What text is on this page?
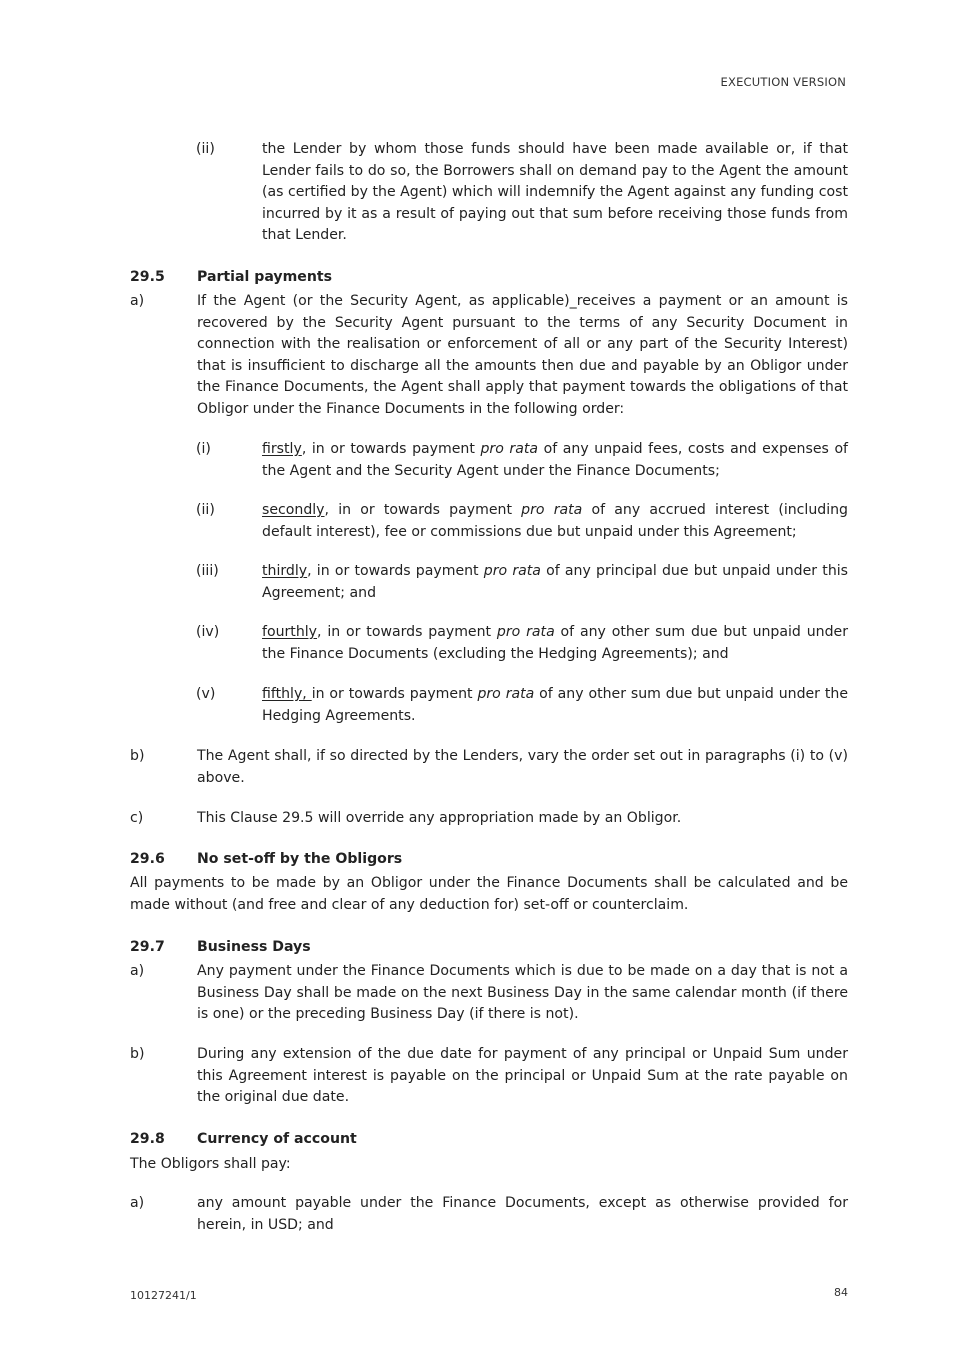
EXECUTION VERSION
(ii)	the Lender by whom those funds should have been made available or, if that Lender fails to do so, the Borrowers shall on demand pay to the Agent the amount (as certified by the Agent) which will indemnify the Agent against any funding cost incurred by it as a result of paying out that sum before receiving those funds from that Lender.
29.5	Partial payments
a)	If the Agent (or the Security Agent, as applicable)_receives a payment or an amount is recovered by the Security Agent pursuant to the terms of any Security Document in connection with the realisation or enforcement of all or any part of the Security Interest) that is insufficient to discharge all the amounts then due and payable by an Obligor under the Finance Documents, the Agent shall apply that payment towards the obligations of that Obligor under the Finance Documents in the following order:
(i)	firstly, in or towards payment pro rata of any unpaid fees, costs and expenses of the Agent and the Security Agent under the Finance Documents;
(ii)	secondly, in or towards payment pro rata of any accrued interest (including default interest), fee or commissions due but unpaid under this Agreement;
(iii)	thirdly, in or towards payment pro rata of any principal due but unpaid under this Agreement; and
(iv)	fourthly, in or towards payment pro rata of any other sum due but unpaid under the Finance Documents (excluding the Hedging Agreements); and
(v)	fifthly, in or towards payment pro rata of any other sum due but unpaid under the Hedging Agreements.
b)	The Agent shall, if so directed by the Lenders, vary the order set out in paragraphs (i) to (v) above.
c)	This Clause 29.5 will override any appropriation made by an Obligor.
29.6	No set-off by the Obligors
All payments to be made by an Obligor under the Finance Documents shall be calculated and be made without (and free and clear of any deduction for) set-off or counterclaim.
29.7	Business Days
a)	Any payment under the Finance Documents which is due to be made on a day that is not a Business Day shall be made on the next Business Day in the same calendar month (if there is one) or the preceding Business Day (if there is not).
b)	During any extension of the due date for payment of any principal or Unpaid Sum under this Agreement interest is payable on the principal or Unpaid Sum at the rate payable on the original due date.
29.8	Currency of account
The Obligors shall pay:
a)	any amount payable under the Finance Documents, except as otherwise provided for herein, in USD; and
10127241/1	84
